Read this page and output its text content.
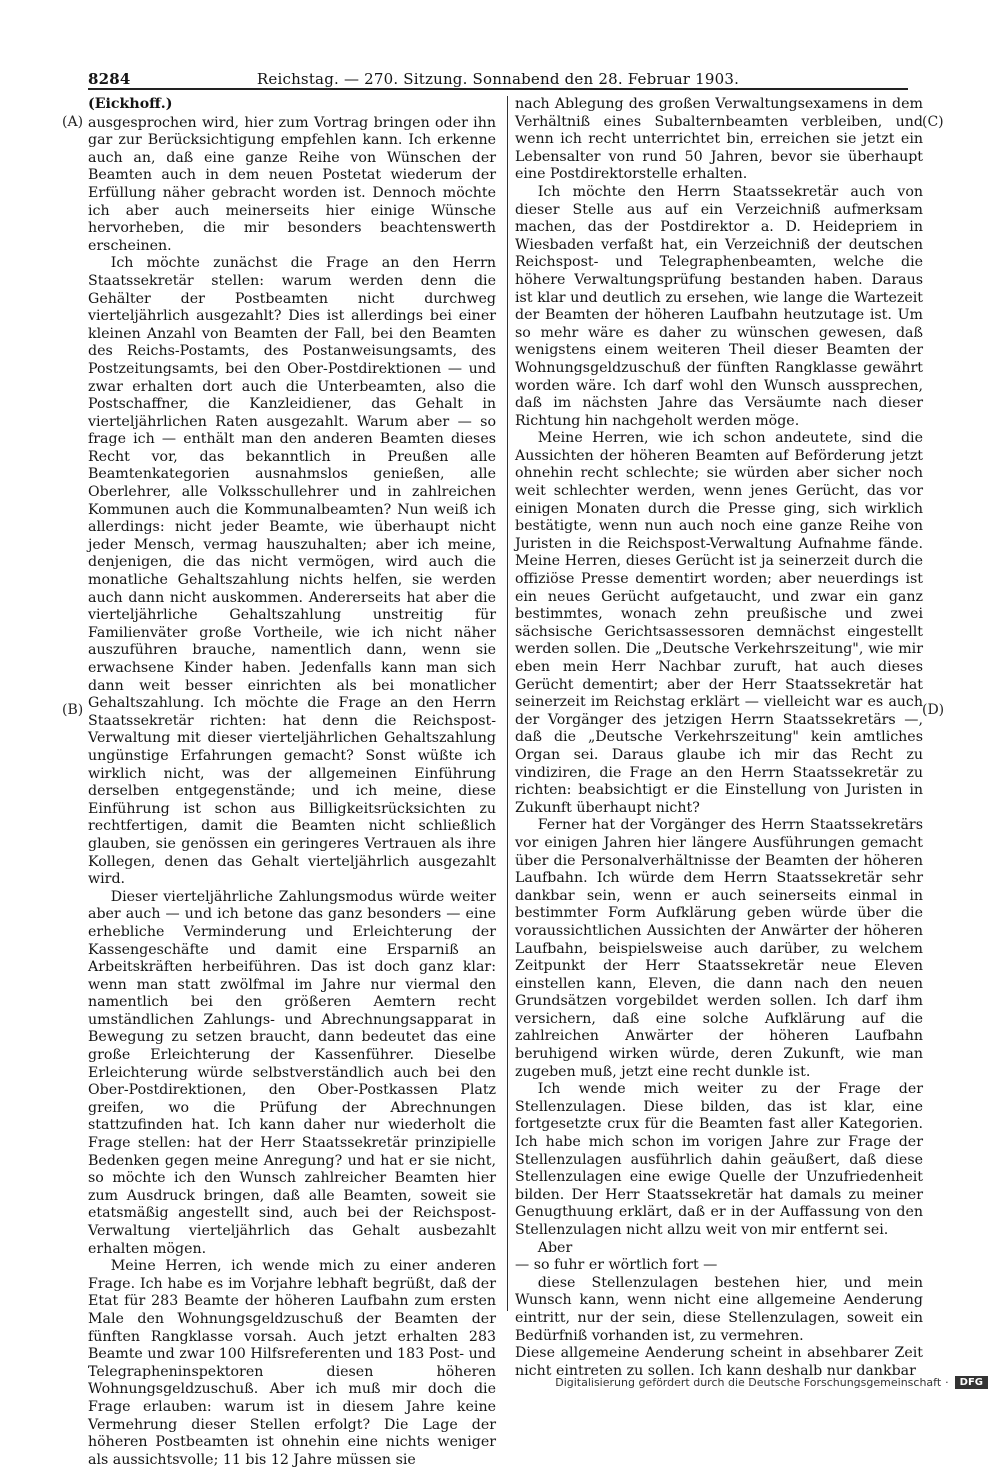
8284	Reichstag. — 270. Sitzung. Sonnabend den 28. Februar 1903.
(A)
(B)
(C)
(D)
(Eickhoff.)

ausgesprochen wird, hier zum Vortrag bringen oder ihn gar zur Berücksichtigung empfehlen kann. Ich erkenne auch an, daß eine ganze Reihe von Wünschen der Beamten auch in dem neuen Postetat wiederum der Erfüllung näher gebracht worden ist. Dennoch möchte ich aber auch meinerseits hier einige Wünsche hervorheben, die mir besonders beachtenswerth erscheinen.

Ich möchte zunächst die Frage an den Herrn Staatssekretär stellen: warum werden denn die Gehälter der Postbeamten nicht durchweg vierteljährlich ausgezahlt? Dies ist allerdings bei einer kleinen Anzahl von Beamten der Fall, bei den Beamten des Reichs-Postamts, des Postanweisungsamts, des Postzeitungsamts, bei den Ober-Postdirektionen — und zwar erhalten dort auch die Unterbeamten, also die Postschaffner, die Kanzleidiener, das Gehalt in vierteljährlichen Raten ausgezahlt. Warum aber — so frage ich — enthält man den anderen Beamten dieses Recht vor, das bekanntlich in Preußen alle Beamtenkategorien ausnahmslos genießen, alle Oberlehrer, alle Volksschullehrer und in zahlreichen Kommunen auch die Kommunalbeamten? Nun weiß ich allerdings: nicht jeder Beamte, wie überhaupt nicht jeder Mensch, vermag hauszuhalten; aber ich meine, denjenigen, die das nicht vermögen, wird auch die monatliche Gehaltszahlung nichts helfen, sie werden auch dann nicht auskommen. Andererseits hat aber die vierteljährliche Gehaltszahlung unstreitig für Familienväter große Vortheile, wie ich nicht näher auszuführen brauche, namentlich dann, wenn sie erwachsene Kinder haben. Jedenfalls kann man sich dann weit besser einrichten als bei monatlicher Gehaltszahlung. Ich möchte die Frage an den Herrn Staatssekretär richten: hat denn die Reichspost-Verwaltung mit dieser vierteljährlichen Gehaltszahlung ungünstige Erfahrungen gemacht? Sonst wüßte ich wirklich nicht, was der allgemeinen Einführung derselben entgegenstände; und ich meine, diese Einführung ist schon aus Billigkeitsrücksichten zu rechtfertigen, damit die Beamten nicht schließlich glauben, sie genössen ein geringeres Vertrauen als ihre Kollegen, denen das Gehalt vierteljährlich ausgezahlt wird.

Dieser vierteljährliche Zahlungsmodus würde weiter aber auch — und ich betone das ganz besonders — eine erhebliche Verminderung und Erleichterung der Kassengeschäfte und damit eine Ersparniß an Arbeitskräften herbeiführen. Das ist doch ganz klar: wenn man statt zwölfmal im Jahre nur viermal den namentlich bei den größeren Aemtern recht umständlichen Zahlungs- und Abrechnungsapparat in Bewegung zu setzen braucht, dann bedeutet das eine große Erleichterung der Kassenführer. Dieselbe Erleichterung würde selbstverständlich auch bei den Ober-Postdirektionen, den Ober-Postkassen Platz greifen, wo die Prüfung der Abrechnungen stattzufinden hat. Ich kann daher nur wiederholt die Frage stellen: hat der Herr Staatssekretär prinzipielle Bedenken gegen meine Anregung? und hat er sie nicht, so möchte ich den Wunsch zahlreicher Beamten hier zum Ausdruck bringen, daß alle Beamten, soweit sie etatsmäßig angestellt sind, auch bei der Reichspost-Verwaltung vierteljährlich das Gehalt ausbezahlt erhalten mögen.

Meine Herren, ich wende mich zu einer anderen Frage. Ich habe es im Vorjahre lebhaft begrüßt, daß der Etat für 283 Beamte der höheren Laufbahn zum ersten Male den Wohnungsgeldzuschuß der Beamten der fünften Rangklasse vorsah. Auch jetzt erhalten 283 Beamte und zwar 100 Hilfsreferenten und 183 Post- und Telegrapheninspektoren diesen höheren Wohnungsgeldzuschuß. Aber ich muß mir doch die Frage erlauben: warum ist in diesem Jahre keine Vermehrung dieser Stellen erfolgt? Die Lage der höheren Postbeamten ist ohnehin eine nichts weniger als aussichtsvolle; 11 bis 12 Jahre müssen sie

nach Ablegung des großen Verwaltungsexamens in dem Verhältniß eines Subalternbeamten verbleiben, und wenn ich recht unterrichtet bin, erreichen sie jetzt ein Lebensalter von rund 50 Jahren, bevor sie überhaupt eine Postdirektorstelle erhalten.

Ich möchte den Herrn Staatssekretär auch von dieser Stelle aus auf ein Verzeichniß aufmerksam machen, das der Postdirektor a. D. Heidepriem in Wiesbaden verfaßt hat, ein Verzeichniß der deutschen Reichspost- und Telegraphenbeamten, welche die höhere Verwaltungsprüfung bestanden haben. Daraus ist klar und deutlich zu ersehen, wie lange die Wartezeit der Beamten der höheren Laufbahn heutzutage ist. Um so mehr wäre es daher zu wünschen gewesen, daß wenigstens einem weiteren Theil dieser Beamten der Wohnungsgeldzuschuß der fünften Rangklasse gewährt worden wäre. Ich darf wohl den Wunsch aussprechen, daß im nächsten Jahre das Versäumte nach dieser Richtung hin nachgeholt werden möge.

Meine Herren, wie ich schon andeutete, sind die Aussichten der höheren Beamten auf Beförderung jetzt ohnehin recht schlechte; sie würden aber sicher noch weit schlechter werden, wenn jenes Gerücht, das vor einigen Monaten durch die Presse ging, sich wirklich bestätigte, wenn nun auch noch eine ganze Reihe von Juristen in die Reichspost-Verwaltung Aufnahme fände. Meine Herren, dieses Gerücht ist ja seinerzeit durch die offiziöse Presse dementirt worden; aber neuerdings ist ein neues Gerücht aufgetaucht, und zwar ein ganz bestimmtes, wonach zehn preußische und zwei sächsische Gerichtsassessoren demnächst eingestellt werden sollen. Die „Deutsche Verkehrszeitung", wie mir eben mein Herr Nachbar zuruft, hat auch dieses Gerücht dementirt; aber der Herr Staatssekretär hat seinerzeit im Reichstag erklärt — vielleicht war es auch der Vorgänger des jetzigen Herrn Staatssekretärs —, daß die „Deutsche Verkehrszeitung" kein amtliches Organ sei. Daraus glaube ich mir das Recht zu vindiziren, die Frage an den Herrn Staatssekretär zu richten: beabsichtigt er die Einstellung von Juristen in Zukunft überhaupt nicht?

Ferner hat der Vorgänger des Herrn Staatssekretärs vor einigen Jahren hier längere Ausführungen gemacht über die Personalverhältnisse der Beamten der höheren Laufbahn. Ich würde dem Herrn Staatssekretär sehr dankbar sein, wenn er auch seinerseits einmal in bestimmter Form Aufklärung geben würde über die voraussichtlichen Aussichten der Anwärter der höheren Laufbahn, beispielsweise auch darüber, zu welchem Zeitpunkt der Herr Staatssekretär neue Eleven einstellen kann, Eleven, die dann nach den neuen Grundsätzen vorgebildet werden sollen. Ich darf ihm versichern, daß eine solche Aufklärung auf die zahlreichen Anwärter der höheren Laufbahn beruhigend wirken würde, deren Zukunft, wie man zugeben muß, jetzt eine recht dunkle ist.

Ich wende mich weiter zu der Frage der Stellenzulagen. Diese bilden, das ist klar, eine fortgesetzte crux für die Beamten fast aller Kategorien. Ich habe mich schon im vorigen Jahre zur Frage der Stellenzulagen ausführlich dahin geäußert, daß diese Stellenzulagen eine ewige Quelle der Unzufriedenheit bilden. Der Herr Staatssekretär hat damals zu meiner Genugthuung erklärt, daß er in der Auffassung von den Stellenzulagen nicht allzu weit von mir entfernt sei.

Aber

— so fuhr er wörtlich fort —

diese Stellenzulagen bestehen hier, und mein Wunsch kann, wenn nicht eine allgemeine Aenderung eintritt, nur der sein, diese Stellenzulagen, soweit ein Bedürfniß vorhanden ist, zu vermehren.

Diese allgemeine Aenderung scheint in absehbarer Zeit nicht eintreten zu sollen. Ich kann deshalb nur dankbar

Digitalisierung gefördert durch die Deutsche Forschungsgemeinschaft ·	DFG
